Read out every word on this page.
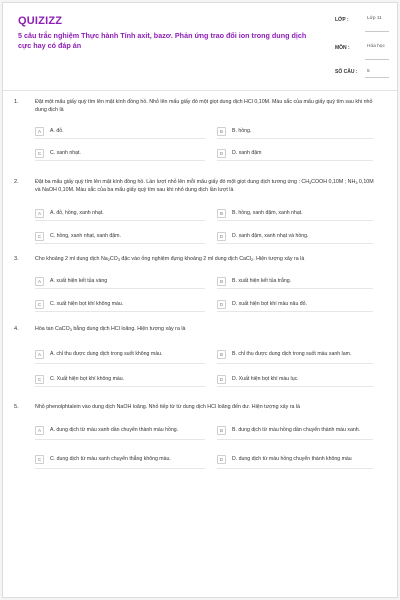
QUIZIZZ
5 câu trắc nghiệm Thực hành Tính axit, bazơ. Phản ứng trao đổi ion trong dung dịch cực hay có đáp án
LỚP :	Lớp 11
MÔN :	Hóa học
SỐ CÂU : 5
1.	Đặt một mẩu giấy quỳ tím lên mặt kính đồng hồ. Nhỏ lên mẩu giấy đó một giọt dung dịch HCl 0,10M. Màu sắc của mẩu giấy quỳ tím sau khi nhỏ dung dịch là
A	A. đỏ.	B	B. hồng.
C	C. xanh nhạt.	D	D. xanh đậm
2.	Đặt ba mẩu giấy quỳ tím lên mặt kính đồng hồ. Lần lượt nhỏ lên mỗi mẩu giấy đó một giọt dung dịch tương ứng : $CH_3COOH$ 0,10M ; $NH_3$ 0,10M và NaOH 0,10M. Màu sắc của ba mẩu giấy quỳ tím sau khi nhỏ dung dịch lần lượt là
A	A. đỏ, hồng, xanh nhạt.	B	B. hồng, xanh đậm, xanh nhạt.
C	C. hồng, xanh nhạt, xanh đậm.	D	D. xanh đậm, xanh nhạt và hồng.
3.	Cho khoảng 2 ml dung dịch $Na_2CO_3$ đặc vào ống nghiệm đựng khoảng 2 ml dung dịch CaCl$_2$. Hiện tượng xảy ra là
A	A. xuất hiện kết tủa vàng	B	B. xuất hiện kết tủa trắng.
C	C. xuất hiện bọt khí không màu.	D	D. xuất hiện bọt khí màu nâu đỏ.
4.	Hòa tan CaCO$_3$ bằng dung dịch HCl loãng. Hiện tượng xảy ra là
A	A. chỉ thu được dung dịch trong suốt không màu.	B	B. chỉ thu được dung dịch trong suốt màu xanh lam.
C	C. Xuất hiện bọt khí không màu.	D	D. Xuất hiện bọt khí màu lục.
5.	Nhỏ phenolphtalein vào dung dịch NaOH loãng. Nhỏ tiếp từ từ dung dịch HCl loãng đến dư. Hiện tượng xảy ra là
A	A. dung dịch từ màu xanh dần chuyển thành màu hồng.	B	B. dung dịch từ màu hồng dần chuyển thành màu xanh.
C	C. dung dịch từ màu xanh chuyển thẳng không màu.	D	D. dung dịch từ màu hồng chuyển thành không màu
